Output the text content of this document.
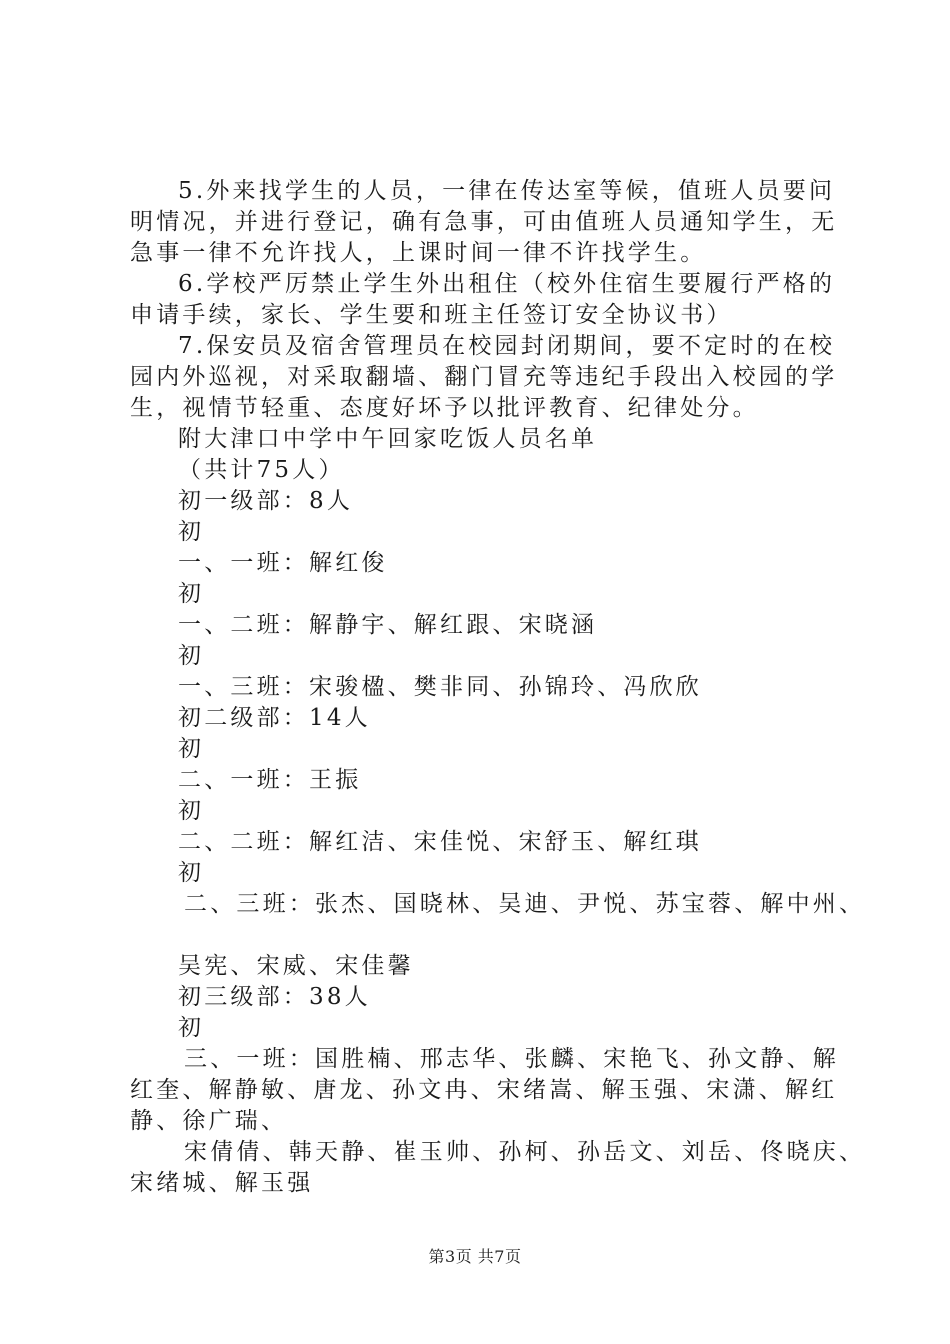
5.外来找学生的人员，一律在传达室等候，值班人员要问
明情况，并进行登记，确有急事，可由值班人员通知学生，无
急事一律不允许找人，上课时间一律不许找学生。
6.学校严厉禁止学生外出租住（校外住宿生要履行严格的
申请手续，家长、学生要和班主任签订安全协议书）
7.保安员及宿舍管理员在校园封闭期间，要不定时的在校
园内外巡视，对采取翻墙、翻门冒充等违纪手段出入校园的学
生，视情节轻重、态度好坏予以批评教育、纪律处分。
附大津口中学中午回家吃饭人员名单
（共计75人）
初一级部：8人
初
一、一班：解红俊
初
一、二班：解静宇、解红跟、宋晓涵
初
一、三班：宋骏楹、樊非同、孙锦玲、冯欣欣
初二级部：14人
初
二、一班：王振
初
二、二班：解红洁、宋佳悦、宋舒玉、解红琪
初
二、三班：张杰、国晓林、吴迪、尹悦、苏宝蓉、解中州、
吴宪、宋威、宋佳馨
初三级部：38人
初
三、一班：国胜楠、邢志华、张麟、宋艳飞、孙文静、解
红奎、解静敏、唐龙、孙文冉、宋绪嵩、解玉强、宋潇、解红
静、徐广瑞、
宋倩倩、韩天静、崔玉帅、孙柯、孙岳文、刘岳、佟晓庆、
宋绪城、解玉强
第3页 共7页
